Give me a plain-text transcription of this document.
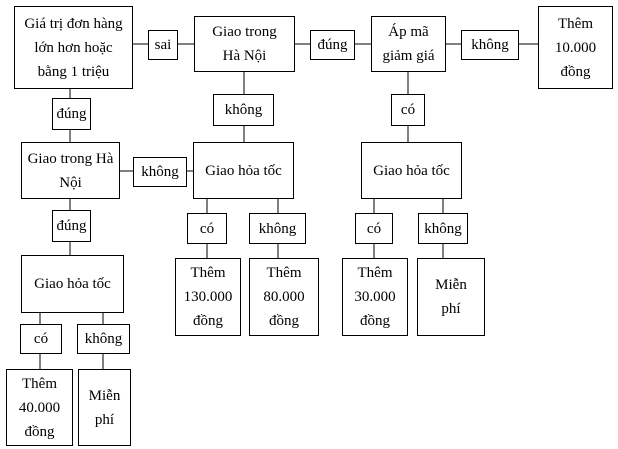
Giá trị đơn hàng
lớn hơn hoặc
bằng 1 triệu
sai
Giao trong
Hà Nội
đúng
Áp mã
giảm giá
không
Thêm
10.000
đồng
đúng	không	có
Giao trong Hà
Nội
không	Giao hỏa tốc	Giao hỏa tốc
có	không	có	không
đúng
Giao hỏa tốc
Thêm
130.000
đồng
Thêm
80.000
đồng
Thêm
30.000
đồng
Miễn
phí
có	không
Thêm
40.000
đồng
Miễn
phí
